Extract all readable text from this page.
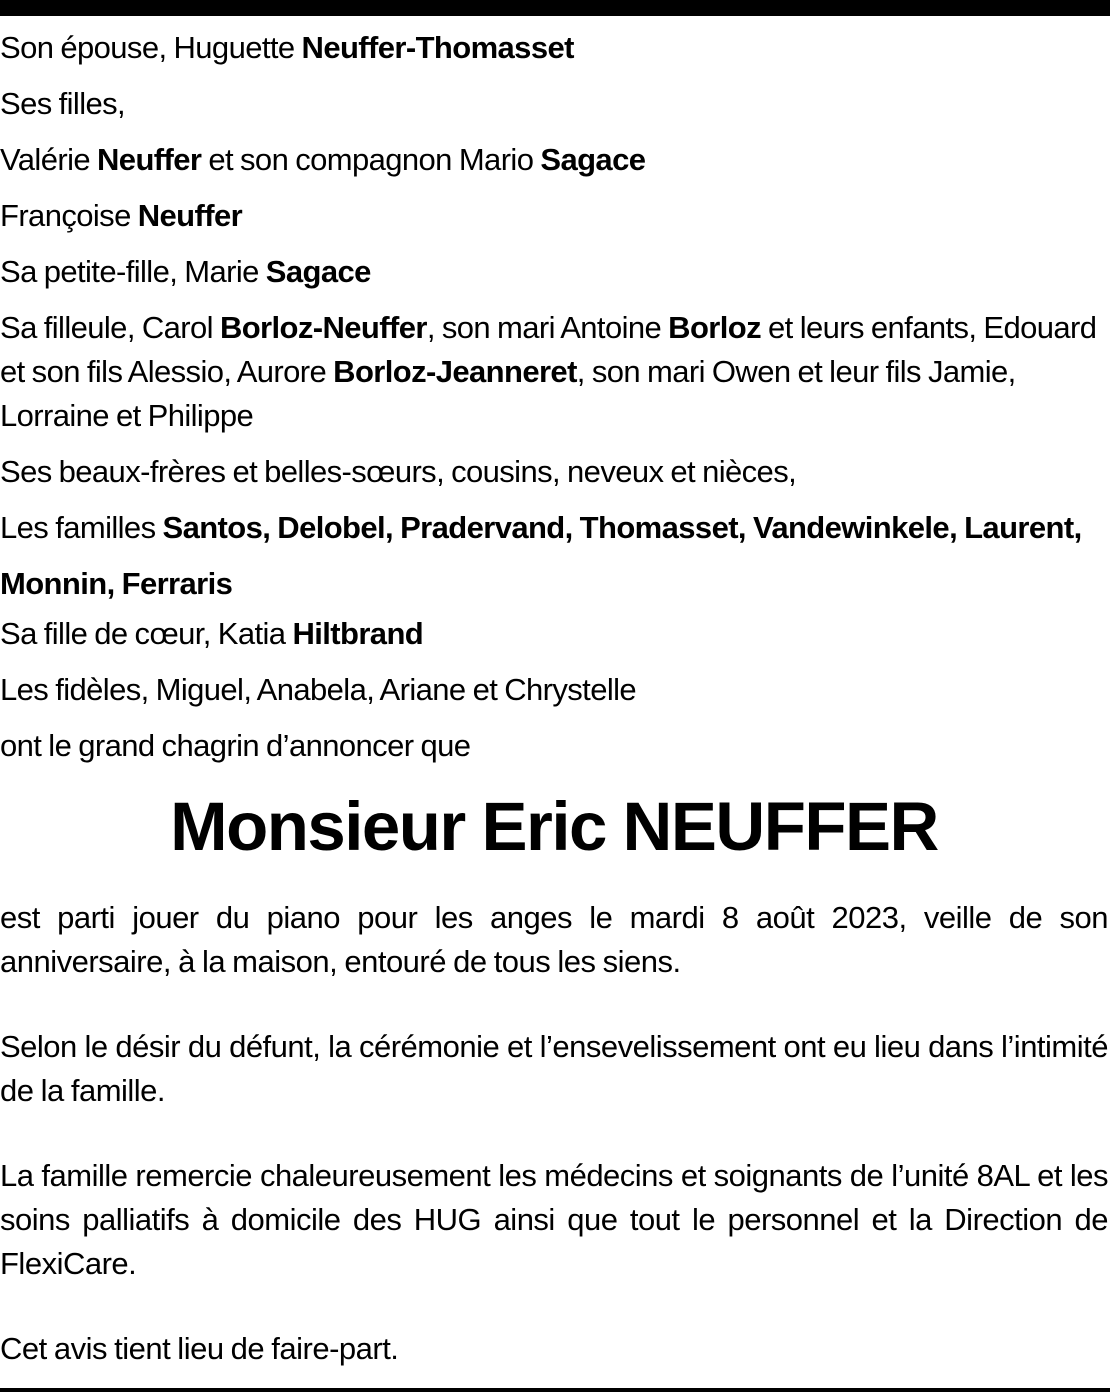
Son épouse, Huguette Neuffer-Thomasset
Ses filles,
Valérie Neuffer et son compagnon Mario Sagace
Françoise Neuffer
Sa petite-fille, Marie Sagace
Sa filleule, Carol Borloz-Neuffer, son mari Antoine Borloz et leurs enfants, Edouard et son fils Alessio, Aurore Borloz-Jeanneret, son mari Owen et leur fils Jamie, Lorraine et Philippe
Ses beaux-frères et belles-sœurs, cousins, neveux et nièces,
Les familles Santos, Delobel, Pradervand, Thomasset, Vandewinkele, Laurent, Monnin, Ferraris
Sa fille de cœur, Katia Hiltbrand
Les fidèles, Miguel, Anabela, Ariane et Chrystelle
ont le grand chagrin d’annoncer que
Monsieur Eric NEUFFER
est parti jouer du piano pour les anges le mardi 8 août 2023, veille de son anniversaire, à la maison, entouré de tous les siens.
Selon le désir du défunt, la cérémonie et l’ensevelissement ont eu lieu dans l’intimité de la famille.
La famille remercie chaleureusement les médecins et soignants de l’unité 8AL et les soins palliatifs à domicile des HUG ainsi que tout le personnel et la Direction de FlexiCare.
Cet avis tient lieu de faire-part.
